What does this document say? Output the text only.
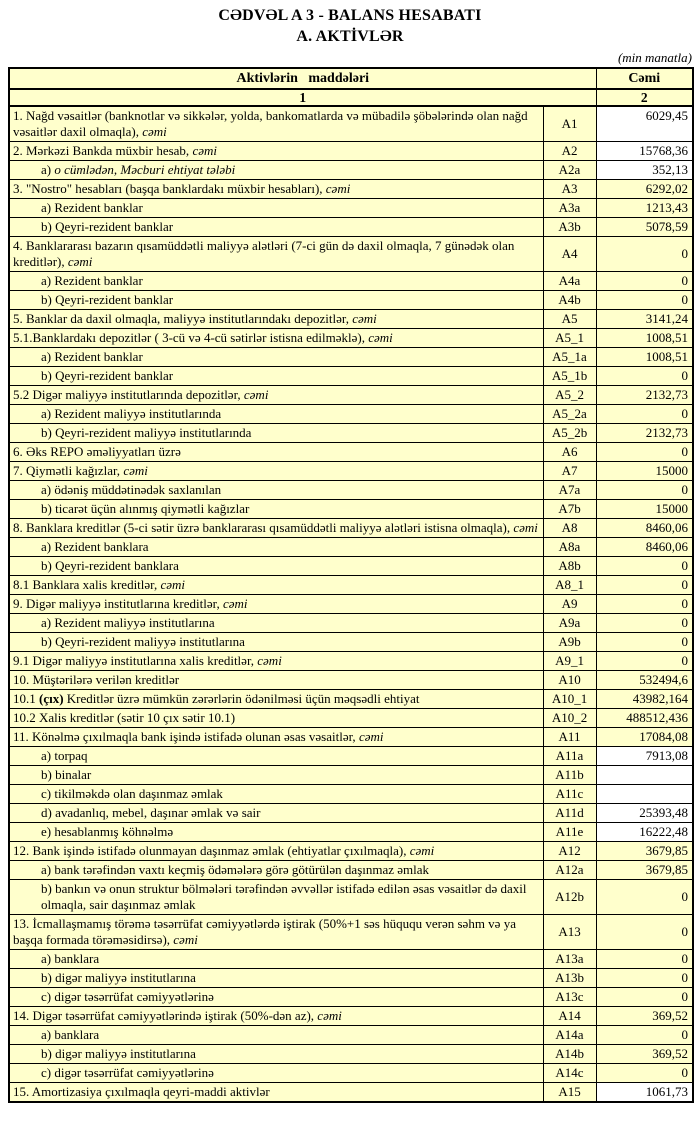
CƏDVƏL A 3 - BALANS HESABATI
A. AKTİVLƏR
(min manatla)
Aktivlərin   maddələri		Cəmi
1		2
1. Nağd vəsaitlər (banknotlar və sikkələr, yolda, bankomatlarda və mübadilə şöbələrində olan nağd vəsaitlər daxil olmaqla), cəmi	A1	6029,45
2. Mərkəzi Bankda müxbir hesab, cəmi	A2	15768,36
a) o cümlədən, Məcburi ehtiyat tələbi	A2a	352,13
3. "Nostro" hesabları (başqa banklardakı müxbir hesabları), cəmi	A3	6292,02
a) Rezident banklar	A3a	1213,43
b) Qeyri-rezident banklar	A3b	5078,59
4. Banklararası bazarın qısamüddətli maliyyə alətləri (7-ci gün də daxil olmaqla, 7 günədək olan kreditlər), cəmi	A4	0
a) Rezident banklar	A4a	0
b) Qeyri-rezident banklar	A4b	0
5. Banklar da daxil olmaqla, maliyyə institutlarındakı depozitlər, cəmi	A5	3141,24
5.1.Banklardakı depozitlər ( 3-cü və 4-cü sətirlər istisna edilməklə), cəmi	A5_1	1008,51
a) Rezident banklar	A5_1a	1008,51
b) Qeyri-rezident banklar	A5_1b	0
5.2 Digər maliyyə institutlarında depozitlər, cəmi	A5_2	2132,73
a) Rezident maliyyə institutlarında	A5_2a	0
b) Qeyri-rezident maliyyə institutlarında	A5_2b	2132,73
6. Əks REPO əməliyyatları üzrə	A6	0
7. Qiymətli kağızlar, cəmi	A7	15000
a) ödəniş müddətinədək saxlanılan	A7a	0
b) ticarət üçün alınmış qiymətli kağızlar	A7b	15000
8. Banklara kreditlər (5-ci sətir üzrə banklararası qısamüddətli maliyyə alətləri istisna olmaqla), cəmi	A8	8460,06
a) Rezident banklara	A8a	8460,06
b) Qeyri-rezident banklara	A8b	0
8.1 Banklara xalis kreditlər, cəmi	A8_1	0
9. Digər maliyyə institutlarına kreditlər, cəmi	A9	0
a) Rezident maliyyə institutlarına	A9a	0
b) Qeyri-rezident maliyyə institutlarına	A9b	0
9.1 Digər maliyyə institutlarına xalis kreditlər, cəmi	A9_1	0
10. Müştərilərə verilən kreditlər	A10	532494,6
10.1 (çıx) Kreditlər üzrə mümkün zərərlərin ödənilməsi üçün məqsədli ehtiyat	A10_1	43982,164
10.2 Xalis kreditlər (sətir 10 çıx sətir 10.1)	A10_2	488512,436
11. Könəlmə çıxılmaqla bank işində istifadə olunan əsas vəsaitlər, cəmi	A11	17084,08
a) torpaq	A11a	7913,08
b) binalar	A11b	
c) tikilməkdə olan daşınmaz əmlak	A11c	
d) avadanlıq, mebel, daşınar əmlak və sair	A11d	25393,48
e) hesablanmış köhnəlmə	A11e	16222,48
12. Bank işində istifadə olunmayan daşınmaz əmlak (ehtiyatlar çıxılmaqla), cəmi	A12	3679,85
a) bank tərəfindən vaxtı keçmiş ödəmələrə görə götürülən daşınmaz əmlak	A12a	3679,85
b) bankın və onun struktur bölmələri tərəfindən əvvəllər istifadə edilən əsas vəsaitlər də daxil olmaqla, sair daşınmaz əmlak	A12b	0
13. İcmallaşmamış törəmə təsərrüfat cəmiyyətlərdə iştirak (50%+1 səs hüququ verən səhm və ya başqa formada törəməsidirsə), cəmi	A13	0
a) banklara	A13a	0
b) digər maliyyə institutlarına	A13b	0
c) digər təsərrüfat cəmiyyətlərinə	A13c	0
14. Digər təsərrüfat cəmiyyətlərində iştirak (50%-dən az), cəmi	A14	369,52
a) banklara	A14a	0
b) digər maliyyə institutlarına	A14b	369,52
c) digər təsərrüfat cəmiyyətlərinə	A14c	0
15. Amortizasiya çıxılmaqla qeyri-maddi aktivlər	A15	1061,73
